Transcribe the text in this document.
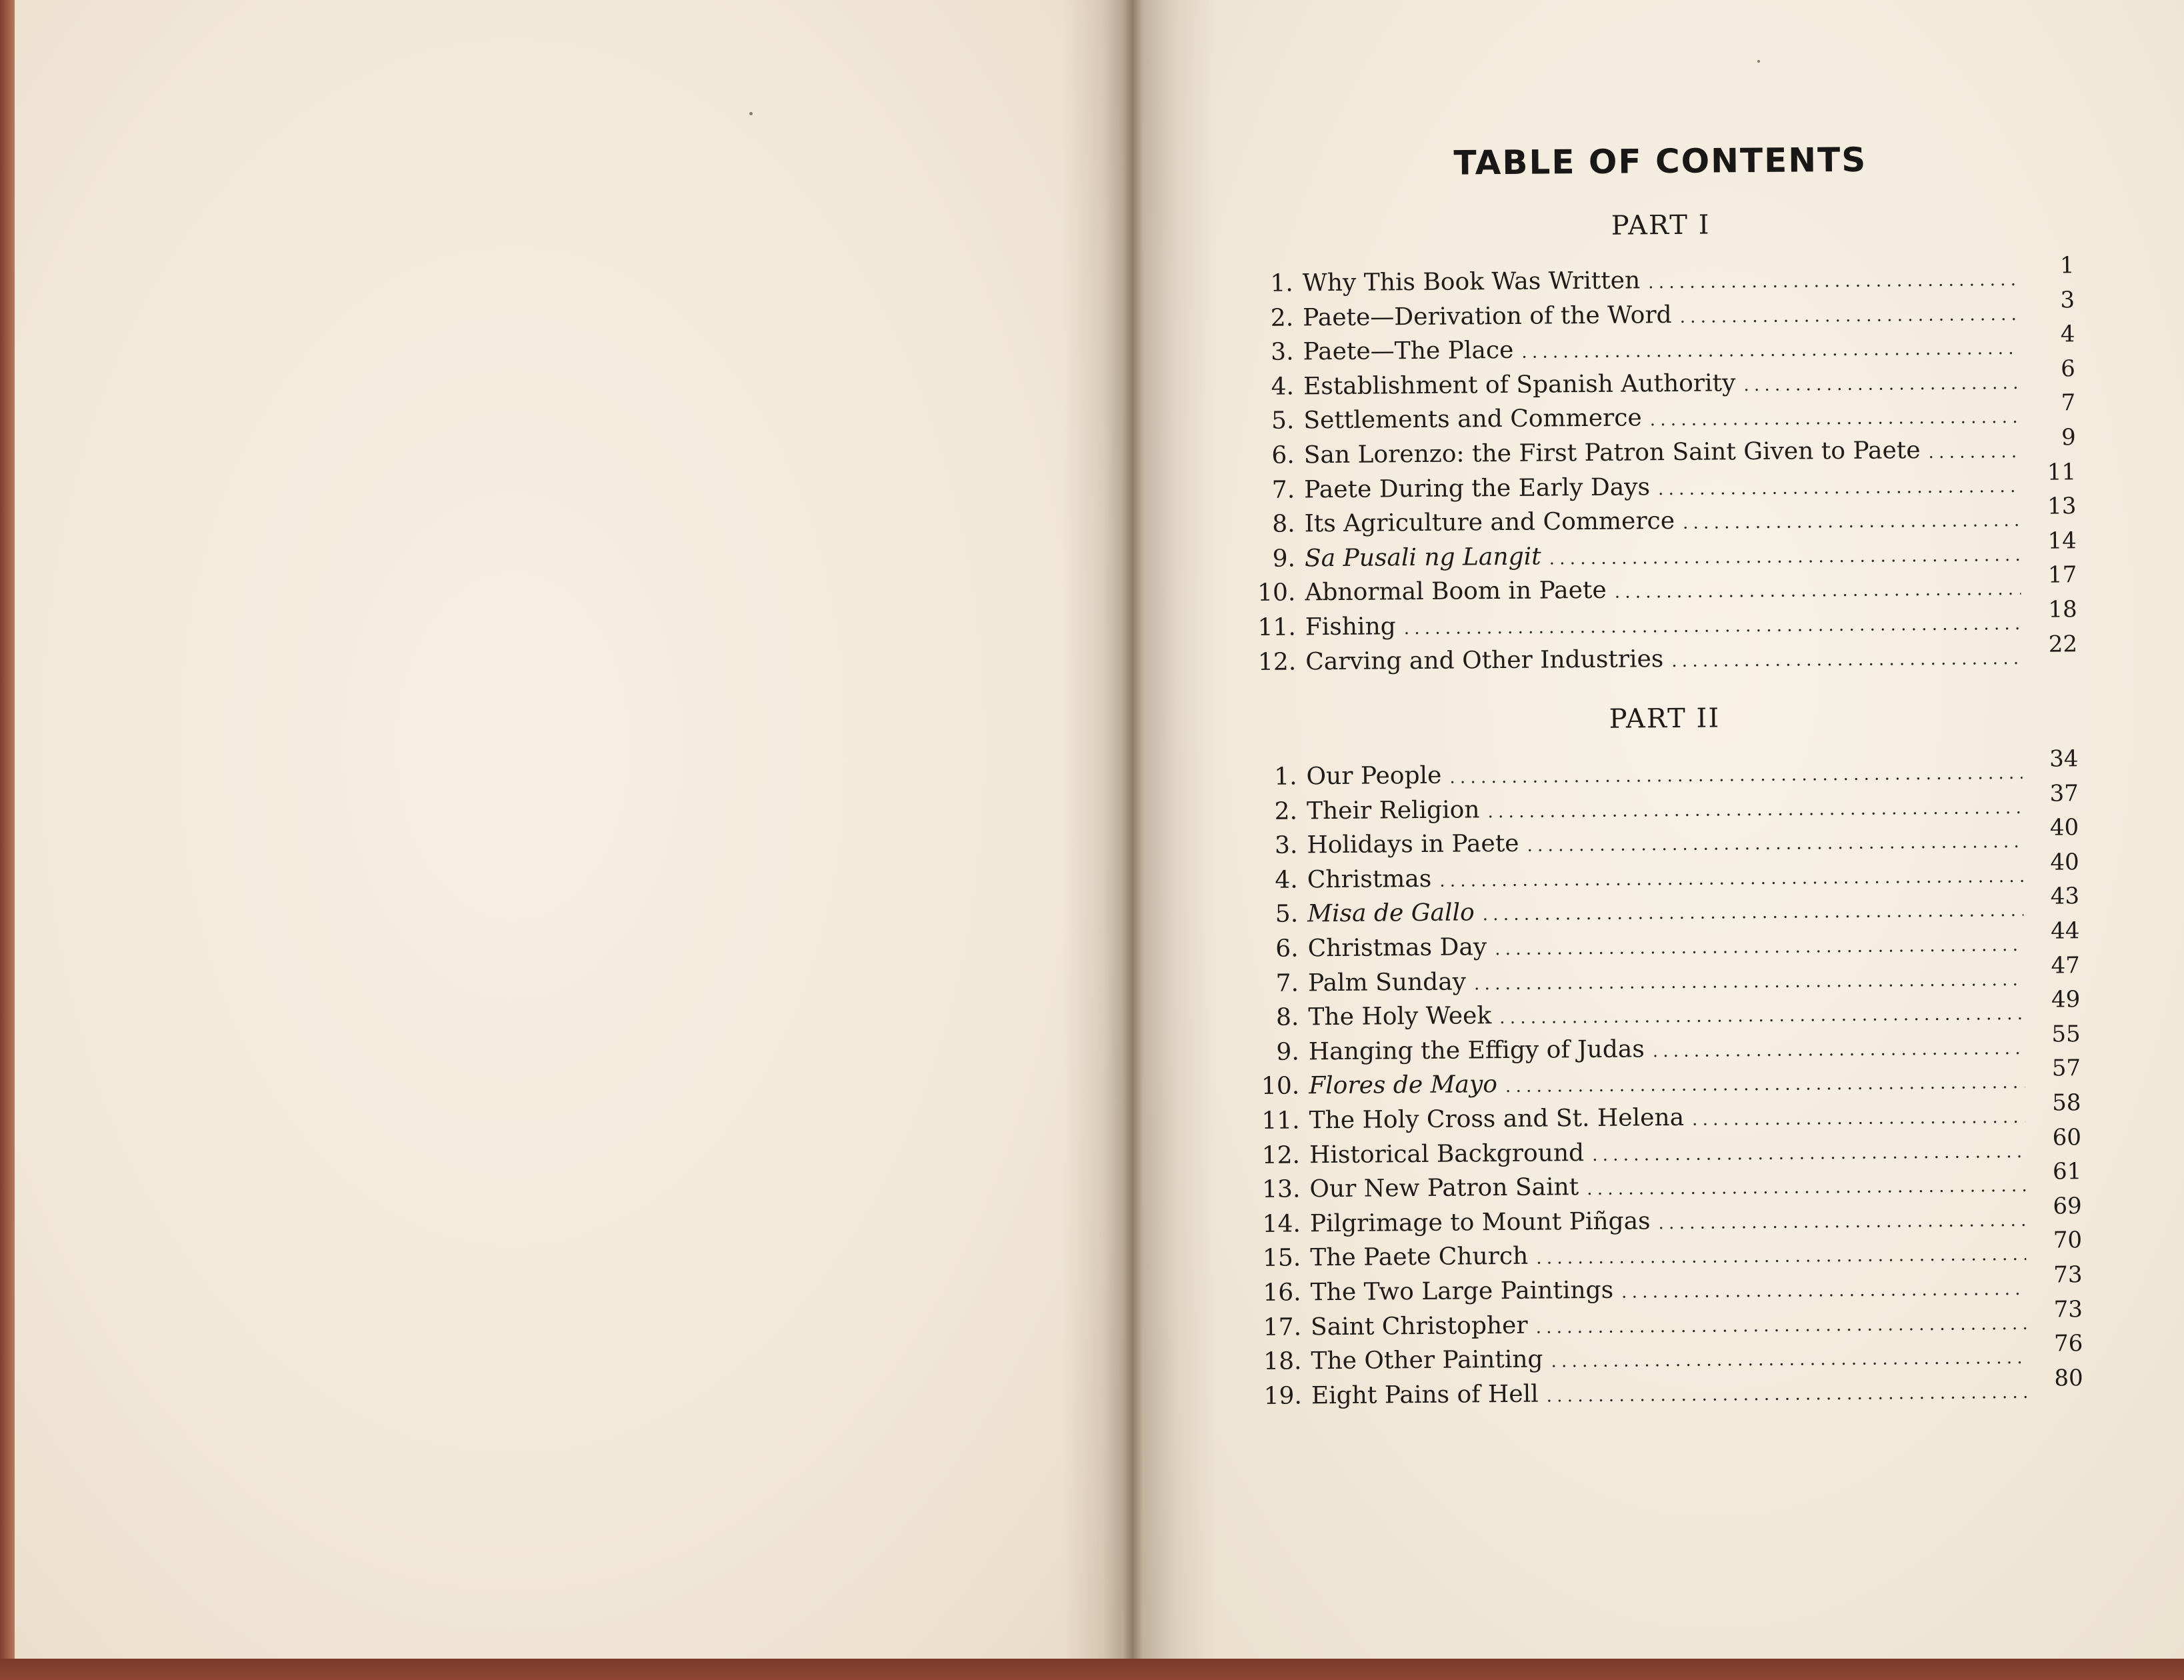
TABLE OF CONTENTS
PART I
1. Why This Book Was Written
. . .
1
2. Paete—Derivation of the Word
. . .
3
3. Paete—The Place
. . .
4
4. Establishment of Spanish Authority
. . .
6
5. Settlements and Commerce
. . .
7
6. San Lorenzo: the First Patron Saint Given to Paete
. . .	9
7. Paete During the Early Days
. . .
11
8. Its Agriculture and Commerce
. . .
13
9. Sa Pusali ng Langit
. . .
14
10. Abnormal Boom in Paete
. . .
17
11. Fishing
. . .
18
12. Carving and Other Industries
. . .
22
PART II
1. Our People
. . .
34
2. Their Religion
. . .
37
3. Holidays in Paete
. . .
40
4. Christmas
. . .
40
5. Misa de Gallo
. . .
43
6. Christmas Day
. . .
44
7. Palm Sunday
. . .
47
8. The Holy Week
. . .
49
9. Hanging the Effigy of Judas
. . .
55
10. Flores de Mayo
. . .
57
11. The Holy Cross and St. Helena
. . .
58
12. Historical Background
. . .
60
13. Our New Patron Saint
. . .
61
14. Pilgrimage to Mount Piñgas
. . .
69
15. The Paete Church
. . .
70
16. The Two Large Paintings
. . .
73
17. Saint Christopher
. . .
73
18. The Other Painting
. . .
76
19. Eight Pains of Hell
. . .
80
